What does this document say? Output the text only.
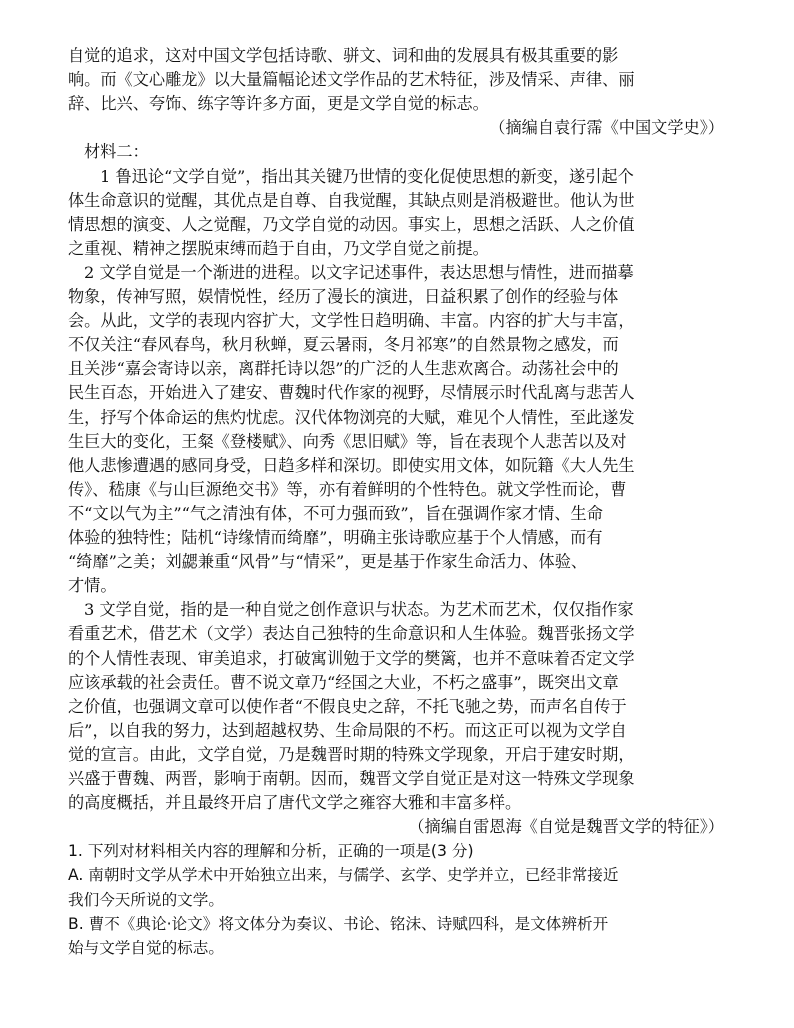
自觉的追求，这对中国文学包括诗歌、骈文、词和曲的发展具有极其重要的影
响。而《文心雕龙》以大量篇幅论述文学作品的艺术特征，涉及情采、声律、丽
辞、比兴、夸饰、练字等许多方面，更是文学自觉的标志。
（摘编自袁行霈《中国文学史》）
材料二：
1 鲁迅论“文学自觉”，指出其关键乃世情的变化促使思想的新变，遂引起个
体生命意识的觉醒，其优点是自尊、自我觉醒，其缺点则是消极避世。他认为世
情思想的演变、人之觉醒，乃文学自觉的动因。事实上，思想之活跃、人之价值
之重视、精神之摆脱束缚而趋于自由，乃文学自觉之前提。
2 文学自觉是一个渐进的进程。以文字记述事件，表达思想与情性，进而描摹
物象，传神写照，娱情悦性，经历了漫长的演进，日益积累了创作的经验与体
会。从此，文学的表现内容扩大，文学性日趋明确、丰富。内容的扩大与丰富，
不仅关注“春风春鸟，秋月秋蝉，夏云暑雨，冬月祁寒”的自然景物之感发，而
且关涉“嘉会寄诗以亲，离群托诗以怨”的广泛的人生悲欢离合。动荡社会中的
民生百态，开始进入了建安、曹魏时代作家的视野，尽情展示时代乱离与悲苦人
生，抒写个体命运的焦灼忧虑。汉代体物浏亮的大赋，难见个人情性，至此遂发
生巨大的变化，王粲《登楼赋》、向秀《思旧赋》等，旨在表现个人悲苦以及对
他人悲惨遭遇的感同身受，日趋多样和深切。即使实用文体，如阮籍《大人先生
传》、嵇康《与山巨源绝交书》等，亦有着鲜明的个性特色。就文学性而论，曹
不“文以气为主”“气之清浊有体，不可力强而致”，旨在强调作家才情、生命
体验的独特性；陆机“诗缘情而绮靡”，明确主张诗歌应基于个人情感，而有
“绮靡”之美；刘勰兼重“风骨”与“情采”，更是基于作家生命活力、体验、
才情。
3 文学自觉，指的是一种自觉之创作意识与状态。为艺术而艺术，仅仅指作家
看重艺术，借艺术（文学）表达自己独特的生命意识和人生体验。魏晋张扬文学
的个人情性表现、审美追求，打破寓训勉于文学的樊篱，也并不意味着否定文学
应该承载的社会责任。曹不说文章乃“经国之大业，不朽之盛事”，既突出文章
之价值，也强调文章可以使作者“不假良史之辞，不托飞驰之势，而声名自传于
后”，以自我的努力，达到超越权势、生命局限的不朽。而这正可以视为文学自
觉的宣言。由此，文学自觉，乃是魏晋时期的特殊文学现象，开启于建安时期，
兴盛于曹魏、两晋，影响于南朝。因而，魏晋文学自觉正是对这一特殊文学现象
的高度概括，并且最终开启了唐代文学之雍容大雅和丰富多样。
（摘编自雷恩海《自觉是魏晋文学的特征》）
1. 下列对材料相关内容的理解和分析，正确的一项是(3 分)
A. 南朝时文学从学术中开始独立出来，与儒学、玄学、史学并立，已经非常接近
我们今天所说的文学。
B. 曹不《典论·论文》将文体分为奏议、书论、铭沫、诗赋四科，是文体辨析开
始与文学自觉的标志。
